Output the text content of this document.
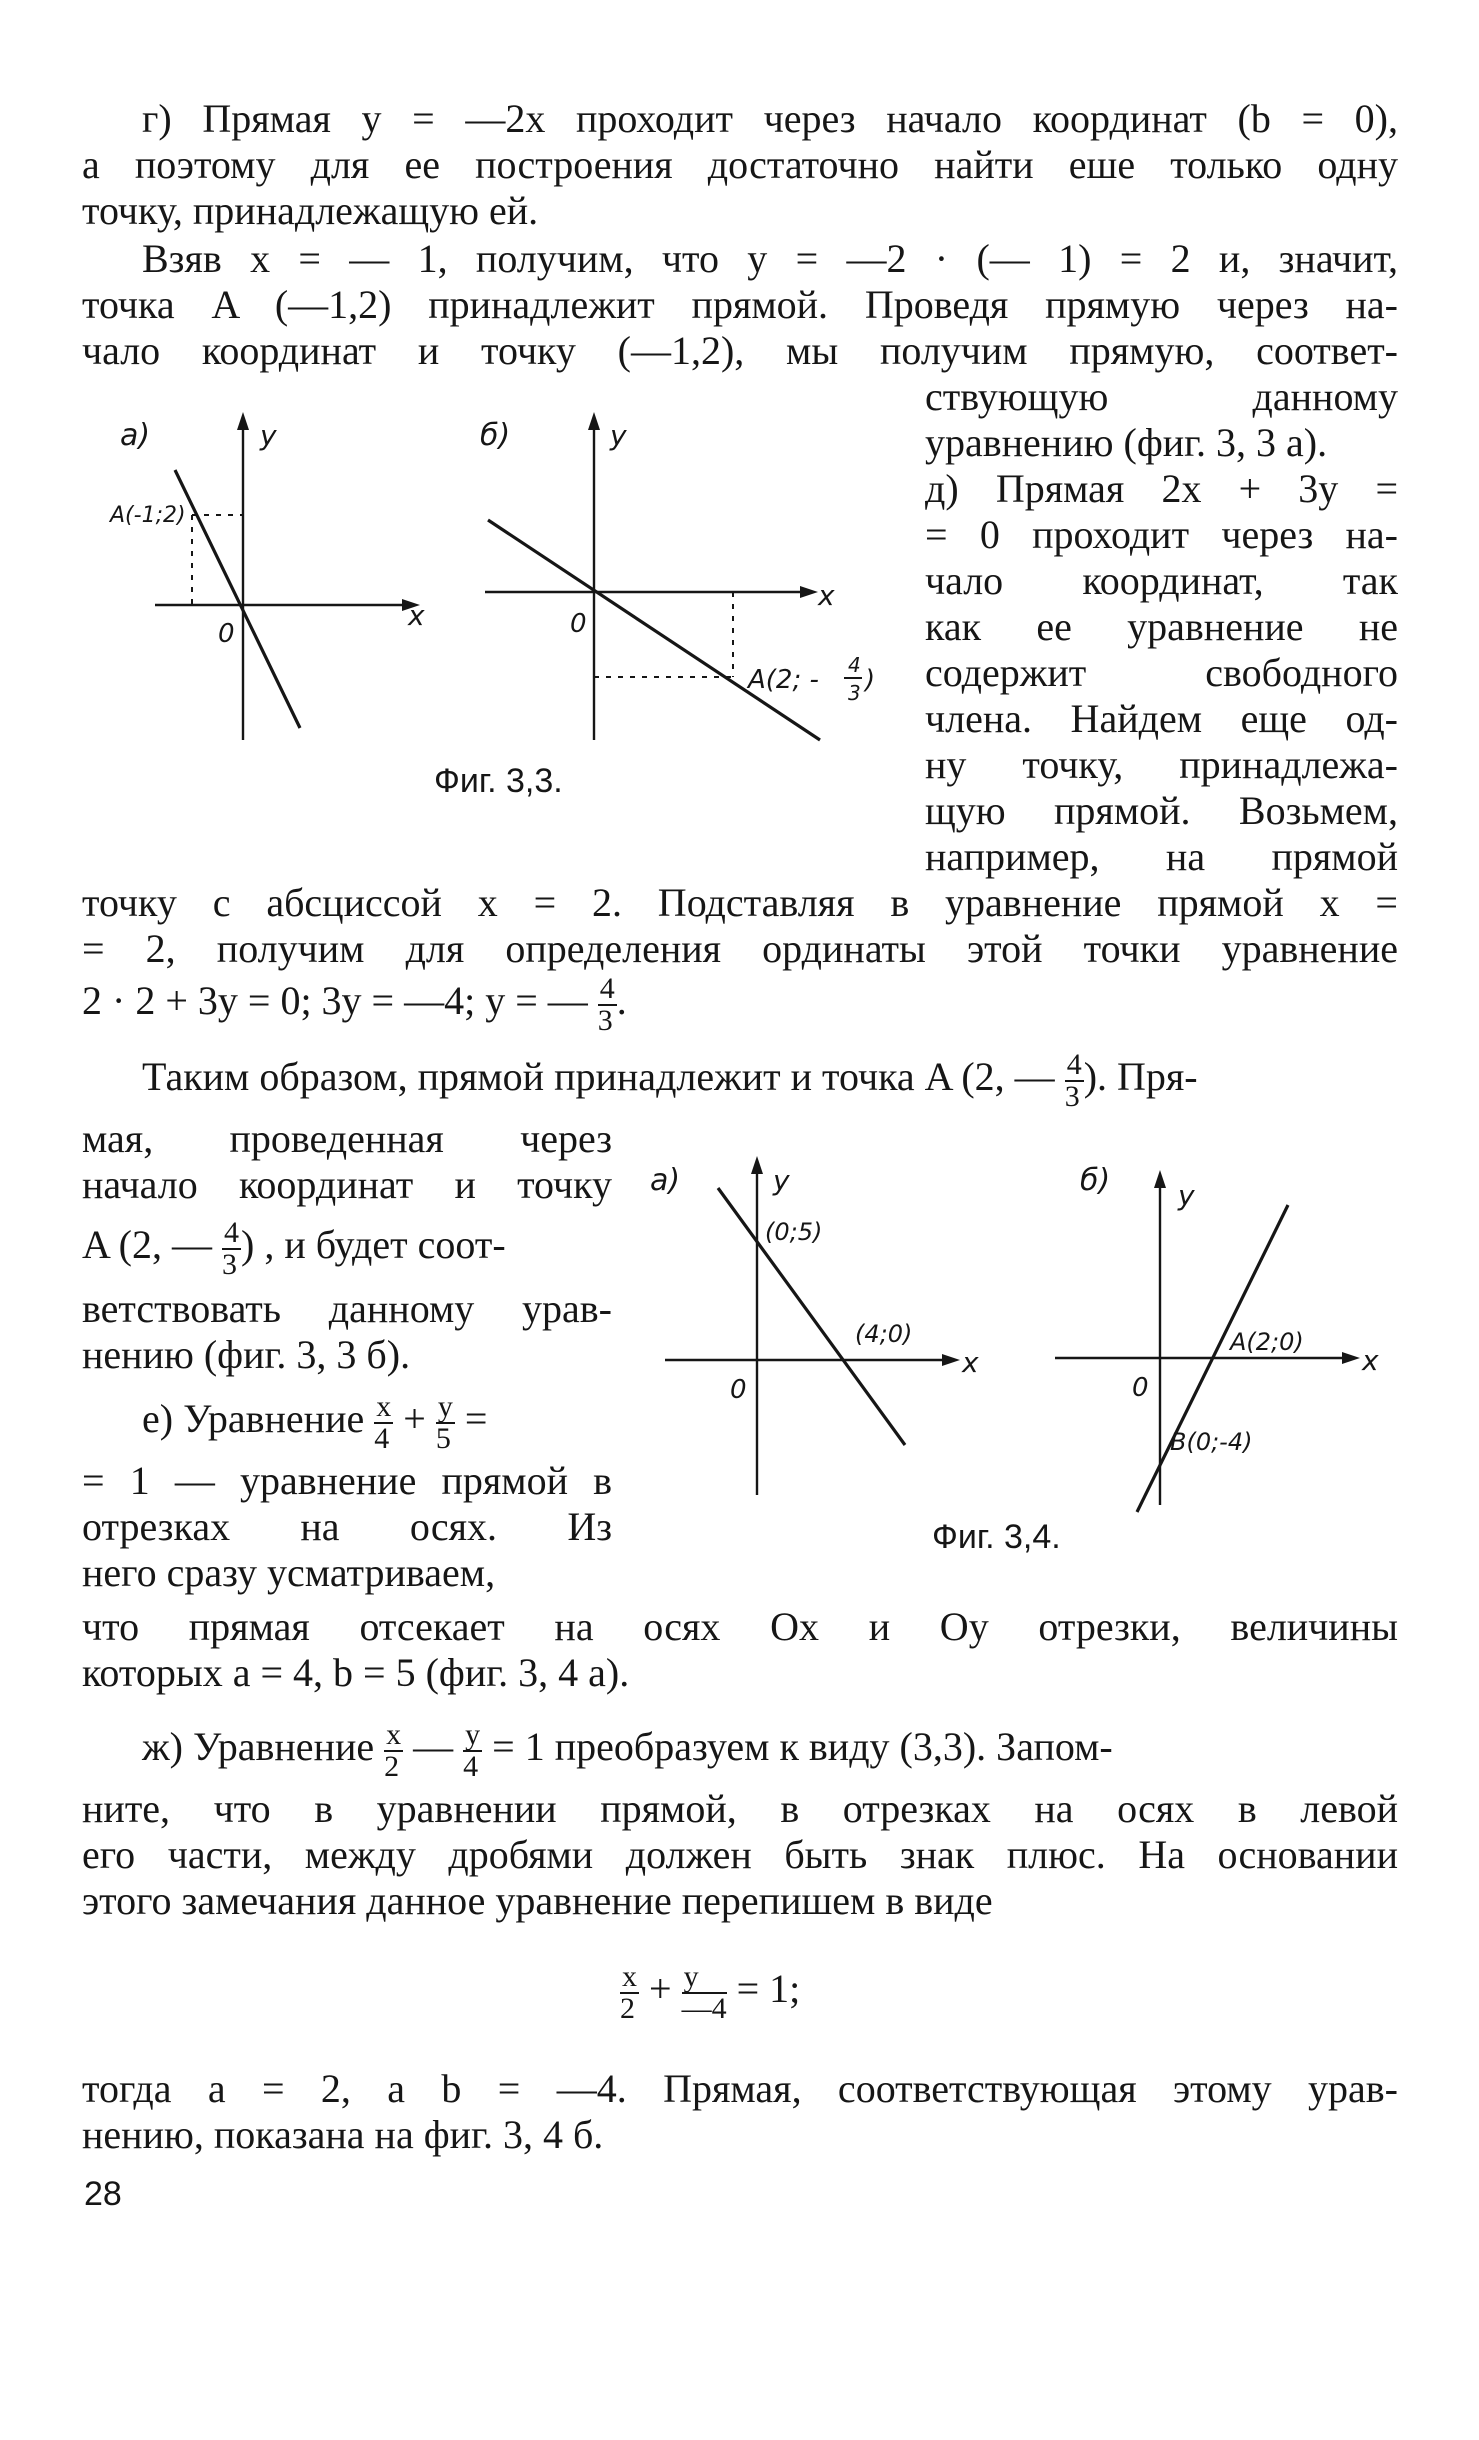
г) Прямая y = —2x проходит через начало координат (b = 0),
а поэтому для ее построения достаточно найти еше только одну
точку, принадлежащую ей.
Взяв x = — 1, получим, что y = —2 · (— 1) = 2 и, значит,
точка A (—1,2) принадлежит прямой. Проведя прямую через на-
чало координат и точку (—1,2), мы получим прямую, соответ-
ствующую данному
уравнению (фиг. 3, 3 a).
д) Прямая 2x + 3y =
= 0 проходит через на-
чало координат, так
как ее уравнение не
содержит свободного
члена. Найдем еще од-
ну точку, принадлежа-
щую прямой. Возьмем,
например, на прямой
а)	y
x
0
A(-1;2)
б)	y
x
0
A(2; - 4
3 )
Фиг. 3,3.
точку с абсциссой x = 2. Подставляя в уравнение прямой x =
= 2, получим для определения ординаты этой точки уравнение
2 · 2 + 3y = 0; 3y = —4; y = — $\frac{4}{3}$ .
Таким образом, прямой принадлежит и точка A (2, — $\frac{4}{3}$ ). Пря-
мая, проведенная через
начало координат и точку
A (2, — $\frac{4}{3}$ ) , и будет соот-
ветствовать данному урав-
нению (фиг. 3, 3 б).
е) Уравнение $\frac{x}{4} + \frac{y}{5}$ =
= 1 — уравнение прямой в
отрезках на осях. Из
него сразу усматриваем,
а)	y
x
0
(0;5)
(4;0)
б) y
x
0
A(2;0)
B(0;-4)
Фиг. 3,4.
что прямая отсекает на осях Ox и Oy отрезки, величины
которых a = 4, b = 5 (фиг. 3, 4 a).
ж) Уравнение $\frac{x}{2}$ — $\frac{y}{4} = 1$ преобразуем к виду (3,3). Запом-
ните, что в уравнении прямой, в отрезках на осях в левой
его части, между дробями должен быть знак плюс. На основании
этого замечания данное уравнение перепишем в виде
$\frac{x}{2} + \frac{y}{—4} = 1$;
тогда a = 2, а b = —4. Прямая, соответствующая этому урав-
нению, показана на фиг. 3, 4 б.
28
